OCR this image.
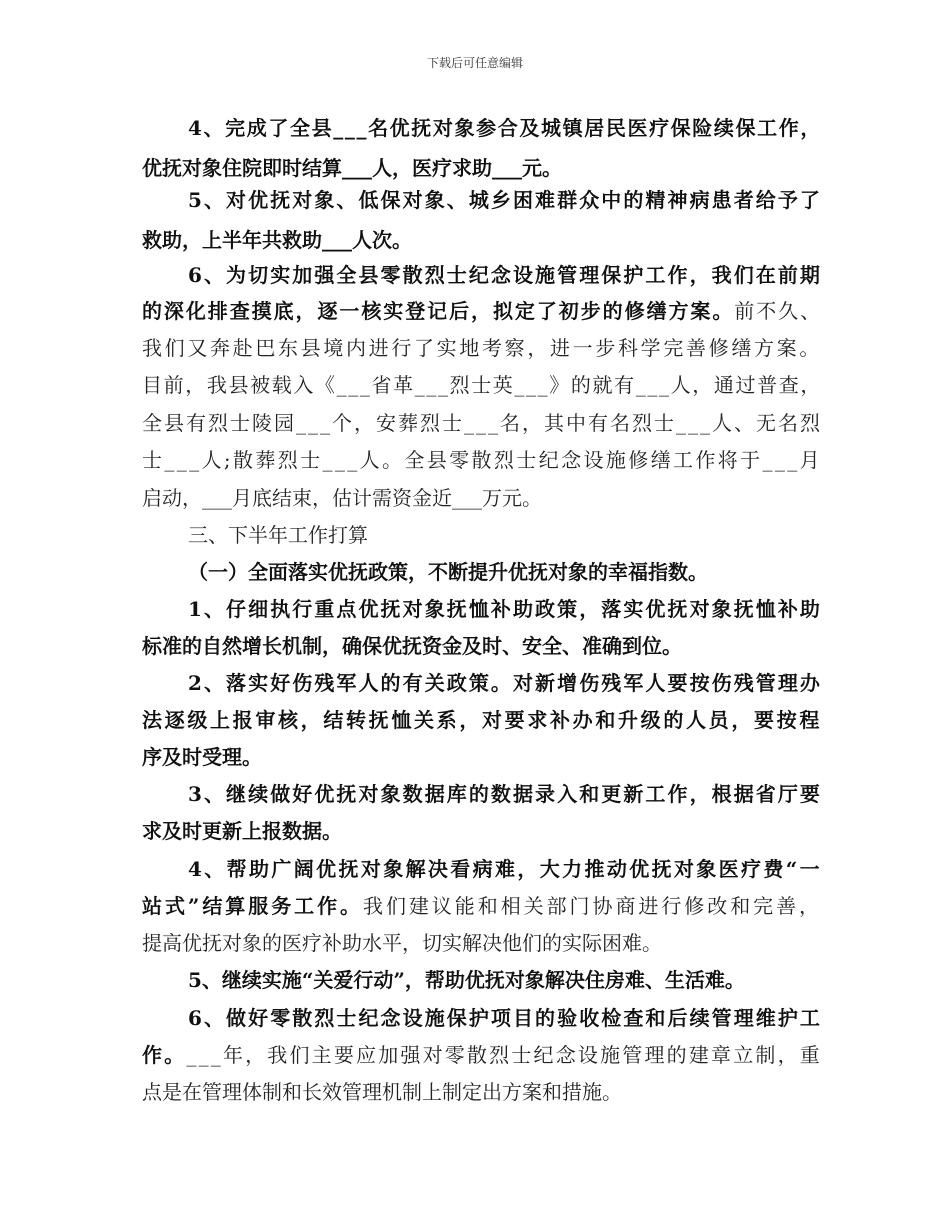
下载后可任意编辑
4、完成了全县___名优抚对象参合及城镇居民医疗保险续保工作，
优抚对象住院即时结算___人，医疗求助___元。
5、对优抚对象、低保对象、城乡困难群众中的精神病患者给予了
救助，上半年共救助___人次。
6、为切实加强全县零散烈士纪念设施管理保护工作，我们在前期
的深化排查摸底，逐一核实登记后，拟定了初步的修缮方案。前不久、
我们又奔赴巴东县境内进行了实地考察，进一步科学完善修缮方案。
目前，我县被载入《___省革___烈士英___》的就有___人，通过普查，
全县有烈士陵园___个，安葬烈士___名，其中有名烈士___人、无名烈
士___人;散葬烈士___人。全县零散烈士纪念设施修缮工作将于___月
启动，___月底结束，估计需资金近___万元。
三、下半年工作打算
（一）全面落实优抚政策，不断提升优抚对象的幸福指数。
1、仔细执行重点优抚对象抚恤补助政策，落实优抚对象抚恤补助
标准的自然增长机制，确保优抚资金及时、安全、准确到位。
2、落实好伤残军人的有关政策。对新增伤残军人要按伤残管理办
法逐级上报审核，结转抚恤关系，对要求补办和升级的人员，要按程
序及时受理。
3、继续做好优抚对象数据库的数据录入和更新工作，根据省厅要
求及时更新上报数据。
4、帮助广阔优抚对象解决看病难，大力推动优抚对象医疗费“一
站式”结算服务工作。我们建议能和相关部门协商进行修改和完善，
提高优抚对象的医疗补助水平，切实解决他们的实际困难。
5、继续实施“关爱行动”，帮助优抚对象解决住房难、生活难。
6、做好零散烈士纪念设施保护项目的验收检查和后续管理维护工
作。___年，我们主要应加强对零散烈士纪念设施管理的建章立制，重
点是在管理体制和长效管理机制上制定出方案和措施。
